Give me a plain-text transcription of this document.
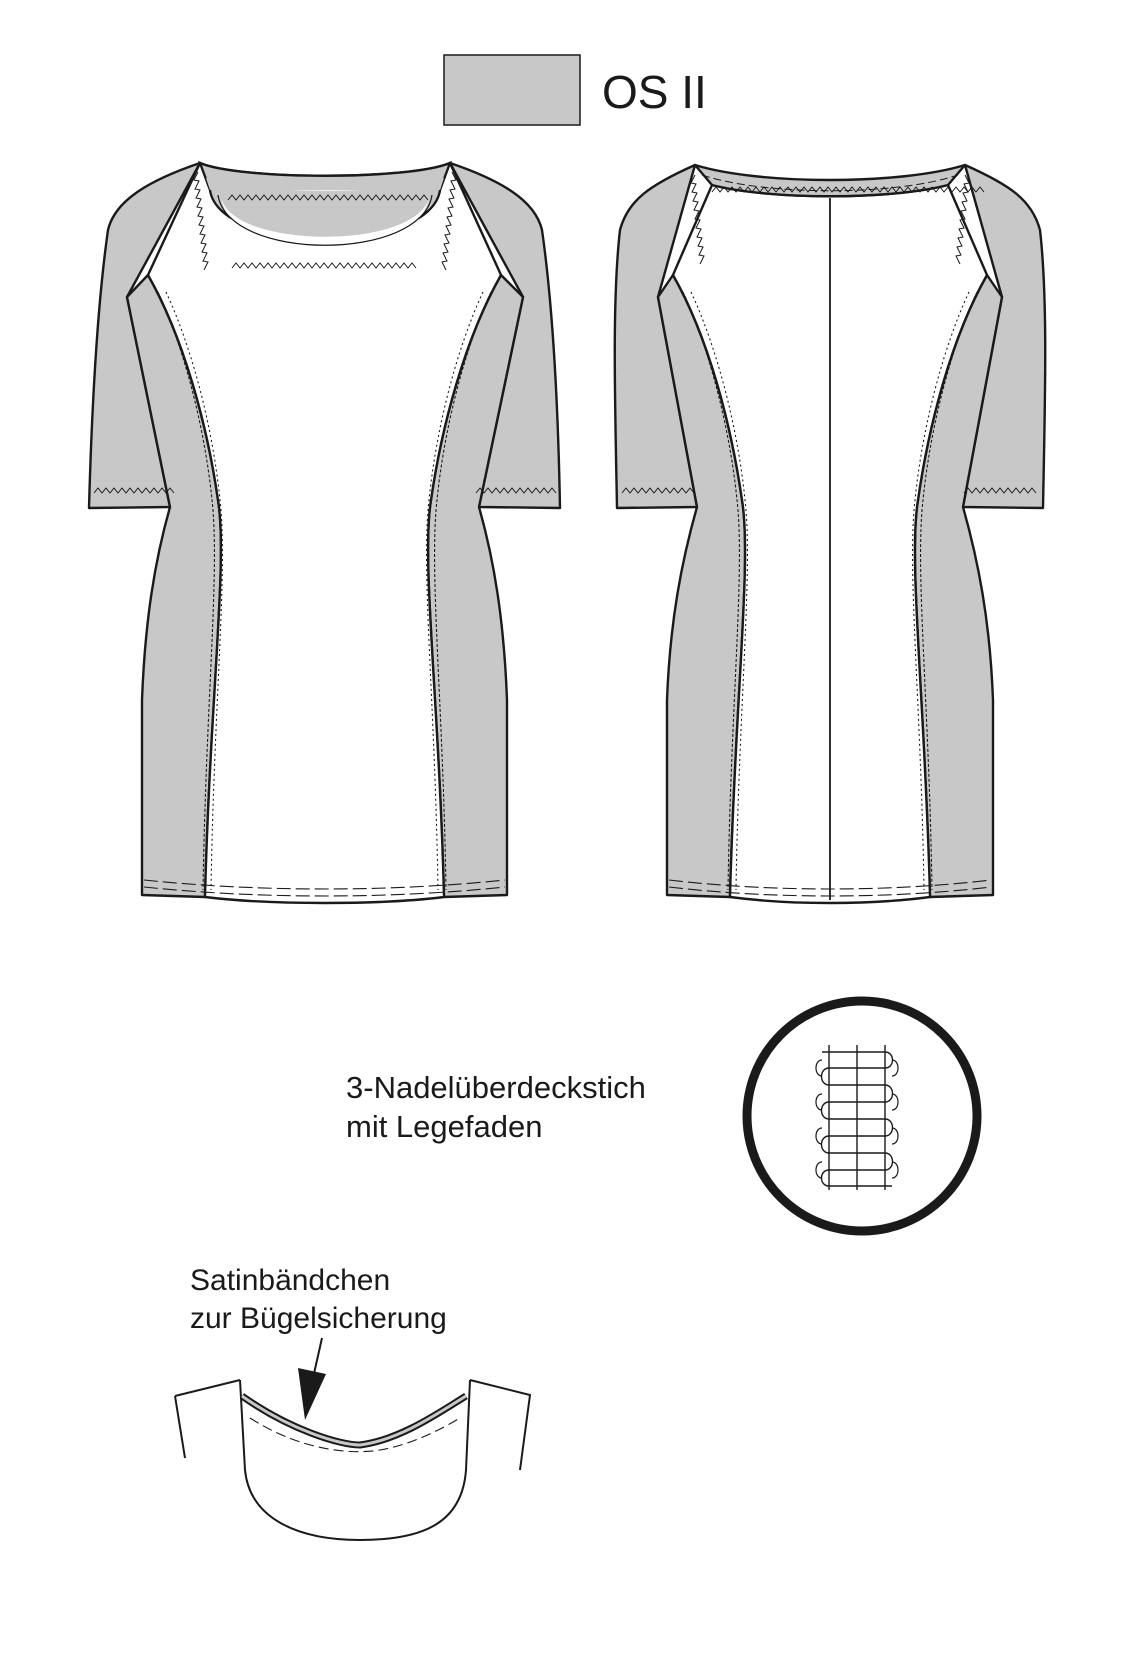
OS II
3-Nadelüberdeckstich
mit Legefaden
Satinbändchen
zur Bügelsicherung
